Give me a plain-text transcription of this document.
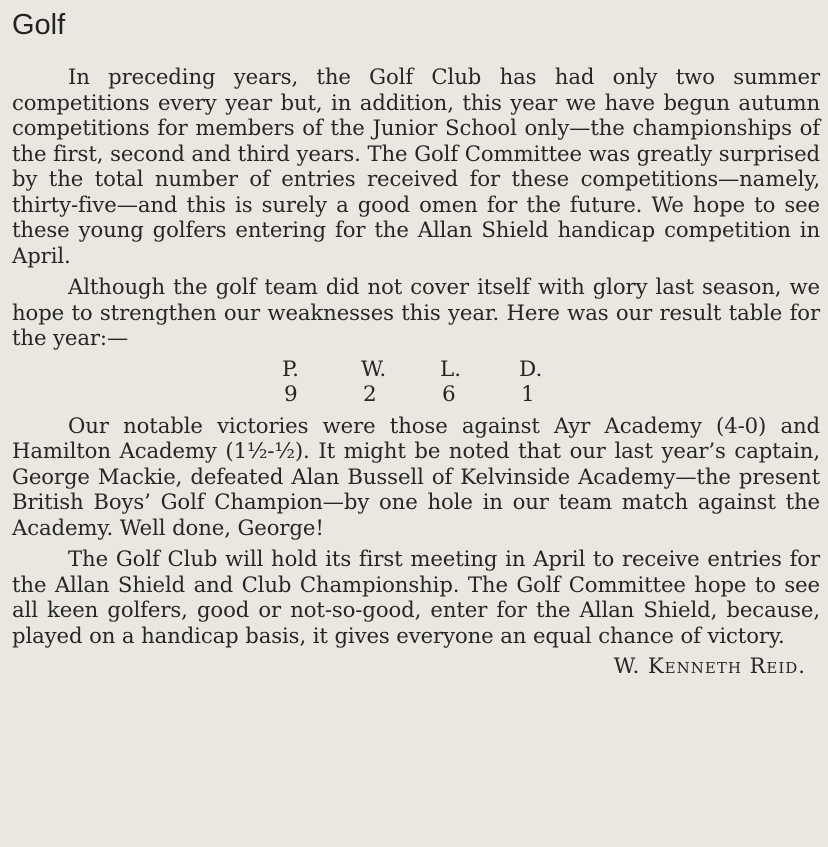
Golf

In preceding years, the Golf Club has had only two summer competitions every year but, in addition, this year we have begun autumn competitions for members of the Junior School only—the championships of the first, second and third years. The Golf Committee was greatly surprised by the total number of entries received for these competitions—namely, thirty-five—and this is surely a good omen for the future. We hope to see these young golfers entering for the Allan Shield handicap competition in April.

Although the golf team did not cover itself with glory last season, we hope to strengthen our weaknesses this year. Here was our result table for the year:—

P.	W.	L.	D.
9	2	6	1

Our notable victories were those against Ayr Academy (4-0) and Hamilton Academy (1½-½). It might be noted that our last year’s captain, George Mackie, defeated Alan Bussell of Kelvinside Academy—the present British Boys’ Golf Champion—by one hole in our team match against the Academy. Well done, George!

The Golf Club will hold its first meeting in April to receive entries for the Allan Shield and Club Championship. The Golf Committee hope to see all keen golfers, good or not-so-good, enter for the Allan Shield, because, played on a handicap basis, it gives everyone an equal chance of victory.

W. Kenneth Reid.
